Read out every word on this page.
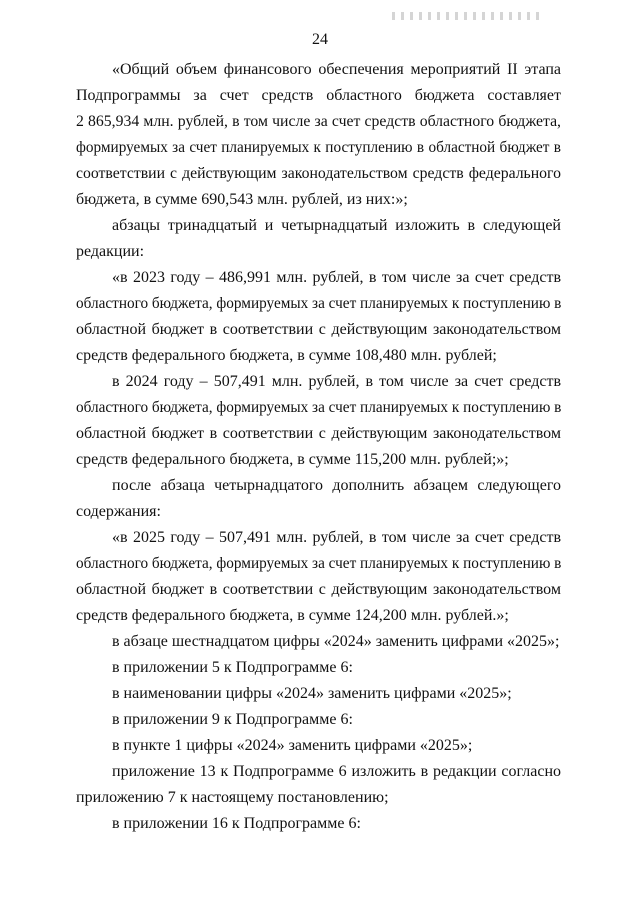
24

«Общий объем финансового обеспечения мероприятий II этапа

Подпрограммы за счет средств областного бюджета составляет

2 865,934 млн. рублей, в том числе за счет средств областного бюджета,

формируемых за счет планируемых к поступлению в областной бюджет в

соответствии с действующим законодательством средств федерального

бюджета, в сумме 690,543 млн. рублей, из них:»;

абзацы тринадцатый и четырнадцатый изложить в следующей

редакции:

«в 2023 году – 486,991 млн. рублей, в том числе за счет средств

областного бюджета, формируемых за счет планируемых к поступлению в

областной бюджет в соответствии с действующим законодательством

средств федерального бюджета, в сумме 108,480 млн. рублей;

в 2024 году – 507,491 млн. рублей, в том числе за счет средств

областного бюджета, формируемых за счет планируемых к поступлению в

областной бюджет в соответствии с действующим законодательством

средств федерального бюджета, в сумме 115,200 млн. рублей;»;

после абзаца четырнадцатого дополнить абзацем следующего

содержания:

«в 2025 году – 507,491 млн. рублей, в том числе за счет средств

областного бюджета, формируемых за счет планируемых к поступлению в

областной бюджет в соответствии с действующим законодательством

средств федерального бюджета, в сумме 124,200 млн. рублей.»;

в абзаце шестнадцатом цифры «2024» заменить цифрами «2025»;

в приложении 5 к Подпрограмме 6:

в наименовании цифры «2024» заменить цифрами «2025»;

в приложении 9 к Подпрограмме 6:

в пункте 1 цифры «2024» заменить цифрами «2025»;

приложение 13 к Подпрограмме 6 изложить в редакции согласно

приложению 7 к настоящему постановлению;

в приложении 16 к Подпрограмме 6:
